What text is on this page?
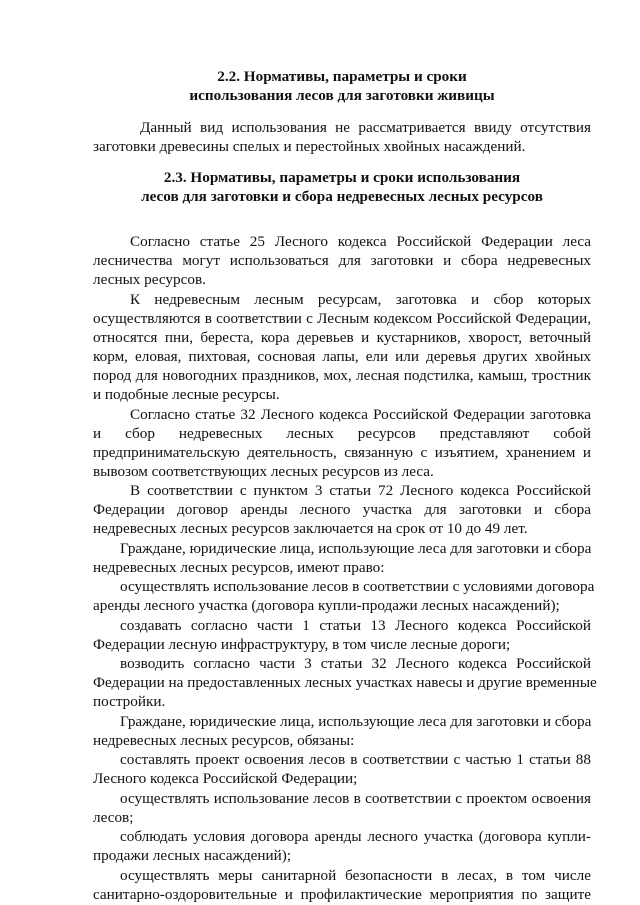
2.2. Нормативы, параметры и сроки
использования лесов для заготовки живицы
Данный вид использования не рассматривается ввиду отсутствия
заготовки древесины спелых и перестойных хвойных насаждений.
2.3. Нормативы, параметры и сроки использования
лесов для заготовки и сбора недревесных лесных ресурсов
Согласно статье 25 Лесного кодекса Российской Федерации леса
лесничества могут использоваться для заготовки и сбора недревесных
лесных ресурсов.
К недревесным лесным ресурсам, заготовка и сбор которых
осуществляются в соответствии с Лесным кодексом Российской Федерации,
относятся пни, береста, кора деревьев и кустарников, хворост, веточный
корм, еловая, пихтовая, сосновая лапы, ели или деревья других хвойных
пород для новогодних праздников, мох, лесная подстилка, камыш, тростник
и подобные лесные ресурсы.
Согласно статье 32 Лесного кодекса Российской Федерации заготовка
и сбор недревесных лесных ресурсов представляют собой
предпринимательскую деятельность, связанную с изъятием, хранением и
вывозом соответствующих лесных ресурсов из леса.
В соответствии с пунктом 3 статьи 72 Лесного кодекса Российской
Федерации договор аренды лесного участка для заготовки и сбора
недревесных лесных ресурсов заключается на срок от 10 до 49 лет.
Граждане, юридические лица, использующие леса для заготовки и сбора
недревесных лесных ресурсов, имеют право:
осуществлять использование лесов в соответствии с условиями договора
аренды лесного участка (договора купли-продажи лесных насаждений);
создавать согласно части 1 статьи 13 Лесного кодекса Российской
Федерации лесную инфраструктуру, в том числе лесные дороги;
возводить согласно части 3 статьи 32 Лесного кодекса Российской
Федерации на предоставленных лесных участках навесы и другие временные
постройки.
Граждане, юридические лица, использующие леса для заготовки и сбора
недревесных лесных ресурсов, обязаны:
составлять проект освоения лесов в соответствии с частью 1 статьи 88
Лесного кодекса Российской Федерации;
осуществлять использование лесов в соответствии с проектом освоения
лесов;
соблюдать условия договора аренды лесного участка (договора купли-
продажи лесных насаждений);
осуществлять меры санитарной безопасности в лесах, в том числе
санитарно-оздоровительные и профилактические мероприятия по защите
